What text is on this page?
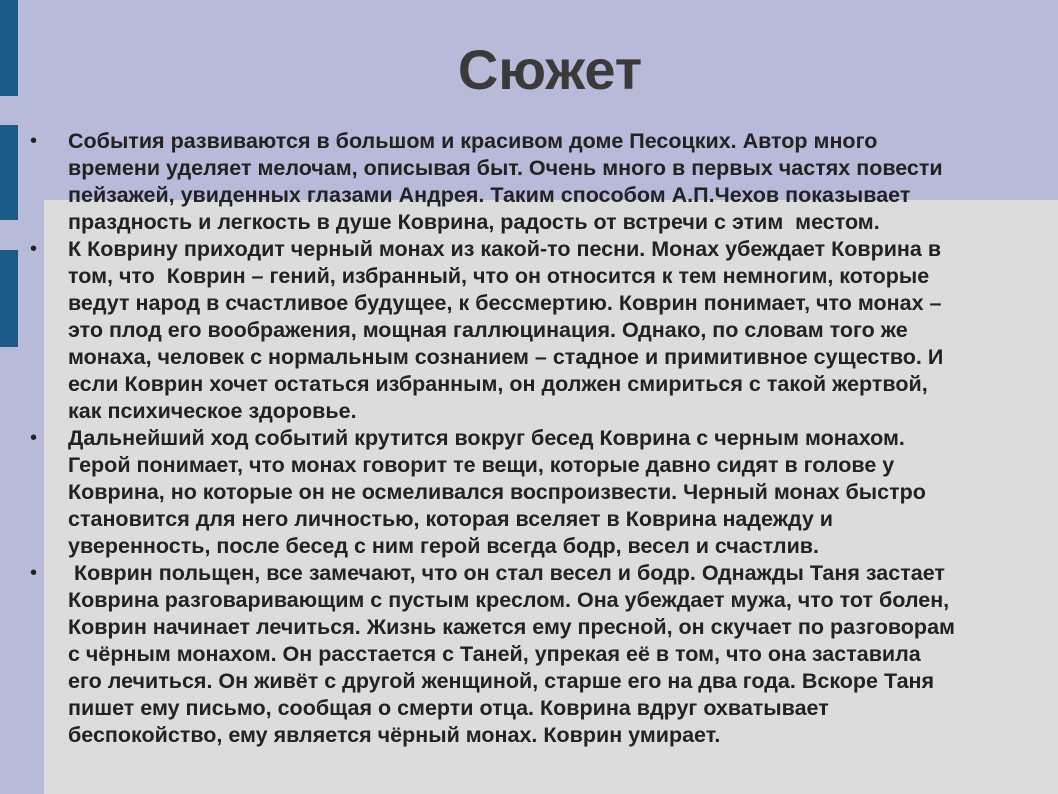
Сюжет
• События развиваются в большом и красивом доме Песоцких. Автор много
времени уделяет мелочам, описывая быт. Очень много в первых частях повести
пейзажей, увиденных глазами Андрея. Таким способом А.П.Чехов показывает
праздность и легкость в душе Коврина, радость от встречи с этим  местом.
• К Коврину приходит черный монах из какой-то песни. Монах убеждает Коврина в
том, что  Коврин – гений, избранный, что он относится к тем немногим, которые
ведут народ в счастливое будущее, к бессмертию. Коврин понимает, что монах –
это плод его воображения, мощная галлюцинация. Однако, по словам того же
монаха, человек с нормальным сознанием – стадное и примитивное существо. И
если Коврин хочет остаться избранным, он должен смириться с такой жертвой,
как психическое здоровье.
• Дальнейший ход событий крутится вокруг бесед Коврина с черным монахом.
Герой понимает, что монах говорит те вещи, которые давно сидят в голове у
Коврина, но которые он не осмеливался воспроизвести. Черный монах быстро
становится для него личностью, которая вселяет в Коврина надежду и
уверенность, после бесед с ним герой всегда бодр, весел и счастлив.
• Коврин польщен, все замечают, что он стал весел и бодр. Однажды Таня застает
Коврина разговаривающим с пустым креслом. Она убеждает мужа, что тот болен,
Коврин начинает лечиться. Жизнь кажется ему пресной, он скучает по разговорам
с чёрным монахом. Он расстается с Таней, упрекая её в том, что она заставила
его лечиться. Он живёт с другой женщиной, старше его на два года. Вскоре Таня
пишет ему письмо, сообщая о смерти отца. Коврина вдруг охватывает
беспокойство, ему является чёрный монах. Коврин умирает.
